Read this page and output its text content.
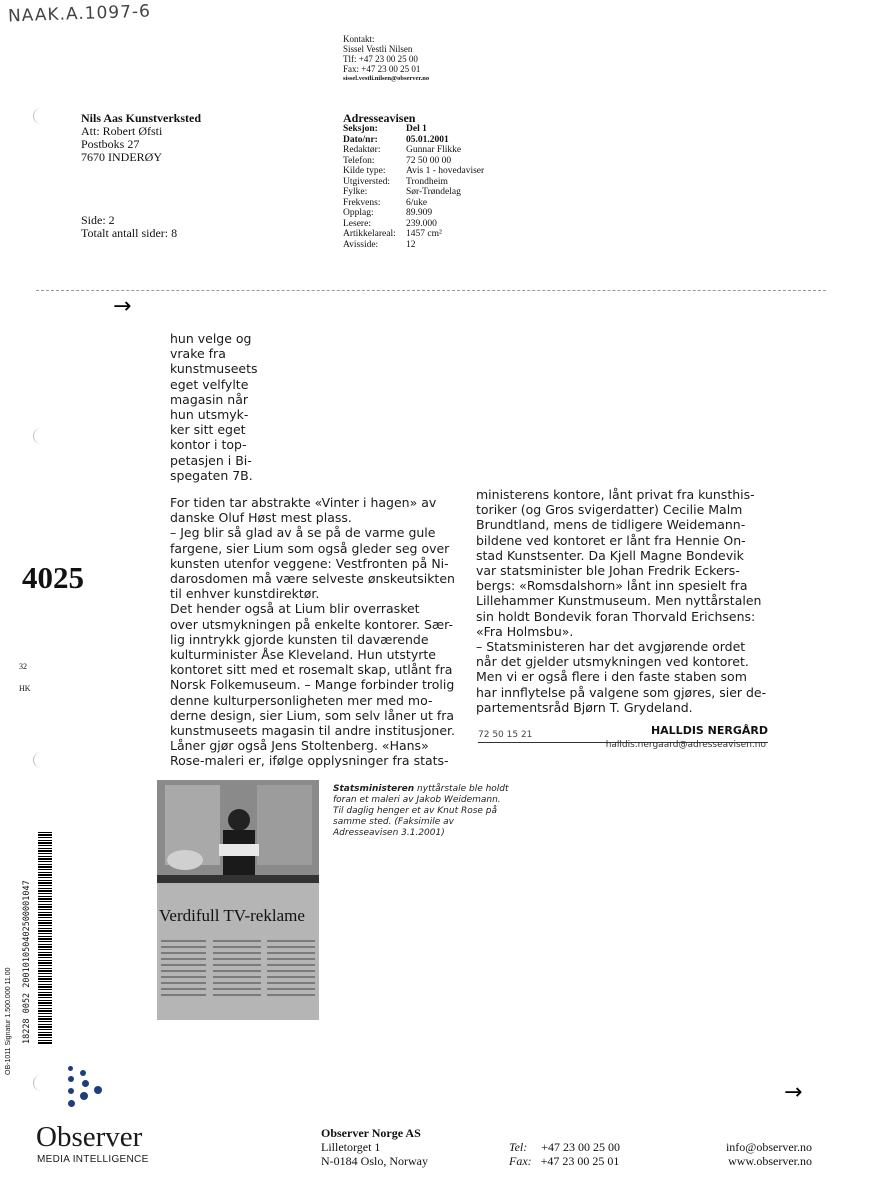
NAAK.A.1097-6
Kontakt:
Sissel Vestli Nilsen
Tlf: +47 23 00 25 00
Fax: +47 23 00 25 01
sissel.vestli.nilsen@observer.no
Nils Aas Kunstverksted
Att: Robert Øfsti
Postboks 27
7670 INDERØY
Side: 2
Totalt antall sider: 8
Adresseavisen
Seksjon:	Del 1
Dato/nr:	05.01.2001
Redaktør:	Gunnar Flikke
Telefon:	72 50 00 00
Kilde type:	Avis 1 - hovedaviser
Utgiversted:	Trondheim
Fylke:	Sør-Trøndelag
Frekvens:	6/uke
Opplag:	89.909
Lesere:	239.000
Artikkelareal:	1457 cm²
Avisside:	12
→
4025
32
HK
18228 0052 200101050402500001047
OB-1011 Signatur 1.500.000 11.00

hun velge og
vrake fra
kunstmuseets
eget velfylte
magasin når
hun utsmyk-
ker sitt eget
kontor i top-
petasjen i Bi-
spegaten 7B.

For tiden tar abstrakte «Vinter i hagen» av
danske Oluf Høst mest plass.

– Jeg blir så glad av å se på de varme gule
fargene, sier Lium som også gleder seg over
kunsten utenfor veggene: Vestfronten på Ni-
darosdomen må være selveste ønskeutsikten
til enhver kunstdirektør.

Det hender også at Lium blir overrasket
over utsmykningen på enkelte kontorer. Sær-
lig inntrykk gjorde kunsten til daværende
kulturminister Åse Kleveland. Hun utstyrte
kontoret sitt med et rosemalt skap, utlånt fra
Norsk Folkemuseum. – Mange forbinder trolig
denne kulturpersonligheten mer med mo-
derne design, sier Lium, som selv låner ut fra
kunstmuseets magasin til andre institusjoner.

Låner gjør også Jens Stoltenberg. «Hans»
Rose-maleri er, ifølge opplysninger fra stats-

ministerens kontore, lånt privat fra kunsthis-
toriker (og Gros svigerdatter) Cecilie Malm
Brundtland, mens de tidligere Weidemann-
bildene ved kontoret er lånt fra Hennie On-
stad Kunstsenter. Da Kjell Magne Bondevik
var statsminister ble Johan Fredrik Eckers-
bergs: «Romsdalshorn» lånt inn spesielt fra
Lillehammer Kunstmuseum. Men nyttårstalen
sin holdt Bondevik foran Thorvald Erichsens:
«Fra Holmsbu».

– Statsministeren har det avgjørende ordet
når det gjelder utsmykningen ved kontoret.
Men vi er også flere i den faste staben som
har innflytelse på valgene som gjøres, sier de-
partementsråd Bjørn T. Grydeland.

72 50 15 21	HALLDIS NERGÅRD
halldis.nergaard@adresseavisen.no
Verdifull TV-reklame
Statsministeren nyttårstale ble holdt foran et maleri av Jakob Weidemann. Til daglig henger et av Knut Rose på samme sted. (Faksimile av Adresseavisen 3.1.2001)
→
Observer
MEDIA INTELLIGENCE
Observer Norge AS
Lilletorget 1
N-0184 Oslo, Norway
Tel: +47 23 00 25 00
Fax: +47 23 00 25 01
info@observer.no
www.observer.no
